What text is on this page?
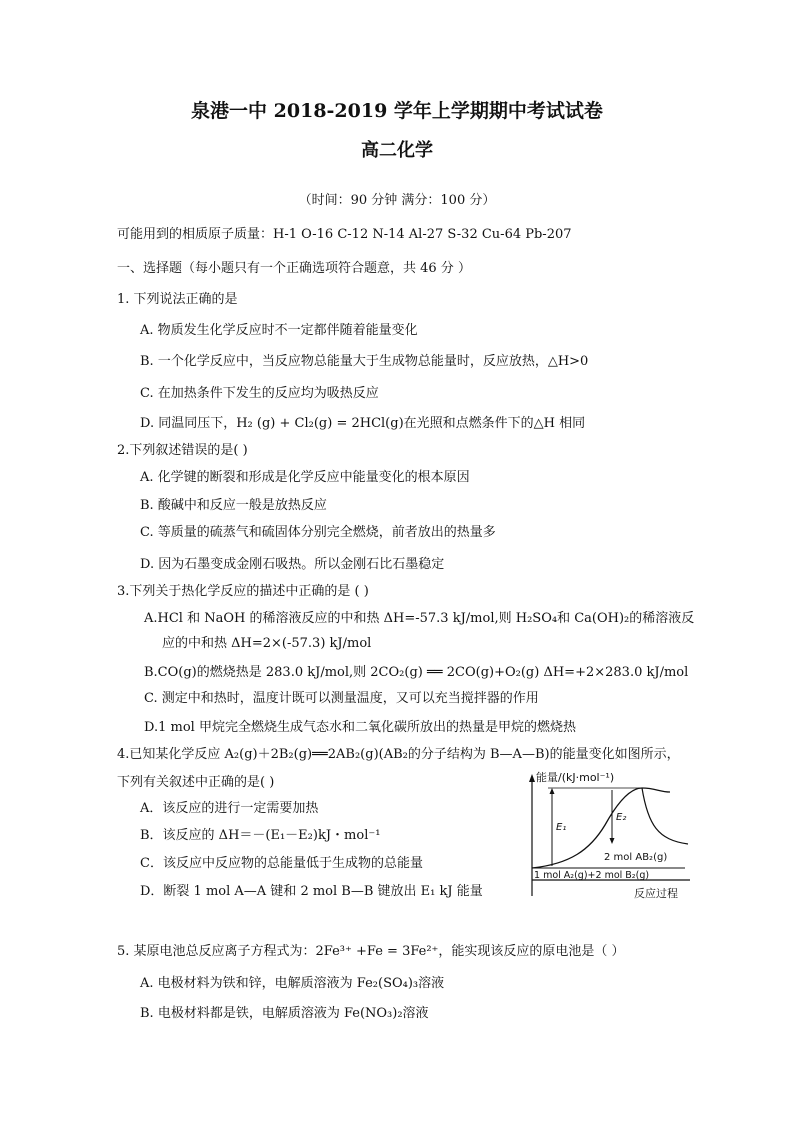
泉港一中 2018-2019 学年上学期期中考试试卷
高二化学
（时间：90 分钟 满分：100 分）
可能用到的相质原子质量：H-1 O-16 C-12 N-14 Al-27 S-32 Cu-64 Pb-207
一、选择题（每小题只有一个正确选项符合题意，共 46 分 ）
1. 下列说法正确的是
A. 物质发生化学反应时不一定都伴随着能量变化
B. 一个化学反应中，当反应物总能量大于生成物总能量时，反应放热，△H>0
C. 在加热条件下发生的反应均为吸热反应
D. 同温同压下，H₂ (g) + Cl₂(g) = 2HCl(g)在光照和点燃条件下的△H 相同
2.下列叙述错误的是( )
A. 化学键的断裂和形成是化学反应中能量变化的根本原因
B. 酸碱中和反应一般是放热反应
C. 等质量的硫蒸气和硫固体分别完全燃烧，前者放出的热量多
D. 因为石墨变成金刚石吸热。所以金刚石比石墨稳定
3.下列关于热化学反应的描述中正确的是 ( )
A.HCl 和 NaOH 的稀溶液反应的中和热 ΔH=-57.3 kJ/mol,则 H₂SO₄和 Ca(OH)₂的稀溶液反
应的中和热 ΔH=2×(-57.3) kJ/mol
B.CO(g)的燃烧热是 283.0 kJ/mol,则 2CO₂(g) ══ 2CO(g)+O₂(g) ΔH=+2×283.0 kJ/mol
C. 测定中和热时，温度计既可以测量温度，又可以充当搅拌器的作用
D.1 mol 甲烷完全燃烧生成气态水和二氧化碳所放出的热量是甲烷的燃烧热
4.已知某化学反应 A₂(g)＋2B₂(g)══2AB₂(g)(AB₂的分子结构为 B—A—B)的能量变化如图所示，
下列有关叙述中正确的是( )
A．该反应的进行一定需要加热
B．该反应的 ΔH＝－(E₁－E₂)kJ・mol⁻¹
C．该反应中反应物的总能量低于生成物的总能量
D．断裂 1 mol A—A 键和 2 mol B—B 键放出 E₁ kJ 能量
能量/(kJ·mol⁻¹)
E₁
E₂
2 mol AB₂(g)
1 mol A₂(g)+2 mol B₂(g)
反应过程
5. 某原电池总反应离子方程式为：2Fe³⁺ +Fe = 3Fe²⁺，能实现该反应的原电池是（ ）
A. 电极材料为铁和锌，电解质溶液为 Fe₂(SO₄)₃溶液
B. 电极材料都是铁，电解质溶液为 Fe(NO₃)₂溶液
